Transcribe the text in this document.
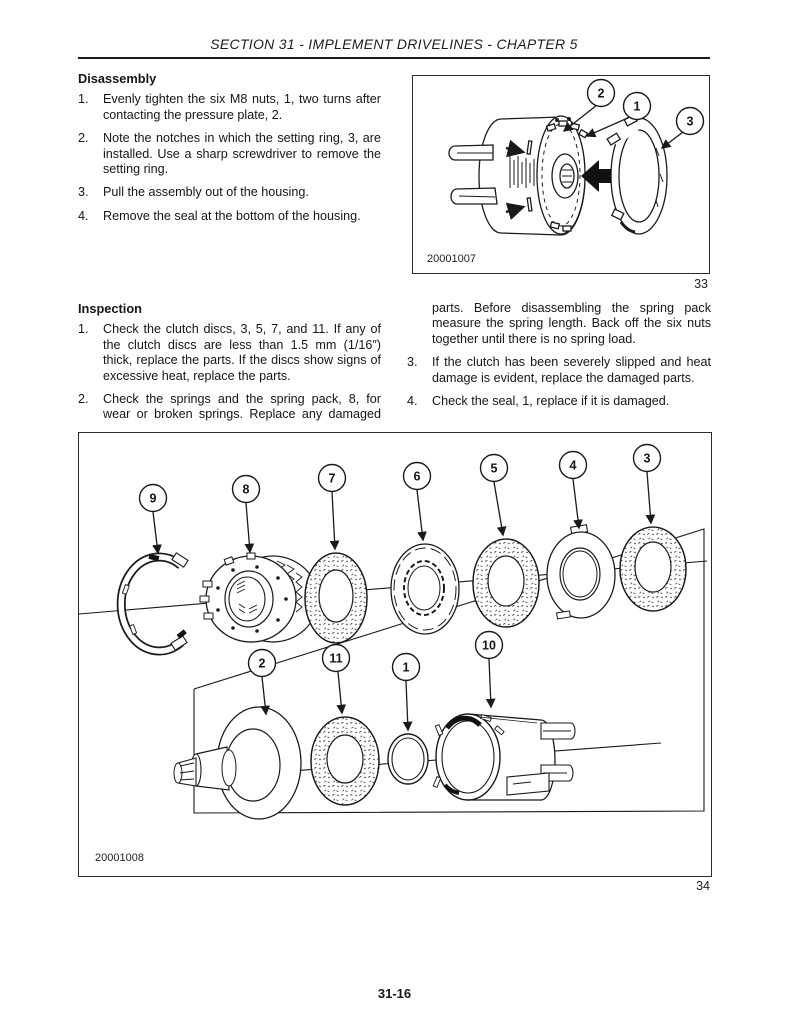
SECTION 31 - IMPLEMENT DRIVELINES - CHAPTER 5
Disassembly
1. Evenly tighten the six M8 nuts, 1, two turns after contacting the pressure plate, 2.
2. Note the notches in which the setting ring, 3, are installed. Use a sharp screwdriver to remove the setting ring.
3. Pull the assembly out of the housing.
4. Remove the seal at the bottom of the housing.
2
1
3
20001007
33
Inspection
1. Check the clutch discs, 3, 5, 7, and 11. If any of the clutch discs are less than 1.5 mm (1/16″) thick, replace the parts. If the discs show signs of excessive heat, replace the parts.
2. Check the springs and the spring pack, 8, for wear or broken springs. Replace any damaged
parts. Before disassembling the spring pack measure the spring length. Back off the six nuts together until there is no spring load.
3. If the clutch has been severely slipped and heat damage is evident, replace the damaged parts.
4. Check the seal, 1, replace if it is damaged.
9
8
7	6
5	4	3
2	11
1
10
20001008
34
31-16
